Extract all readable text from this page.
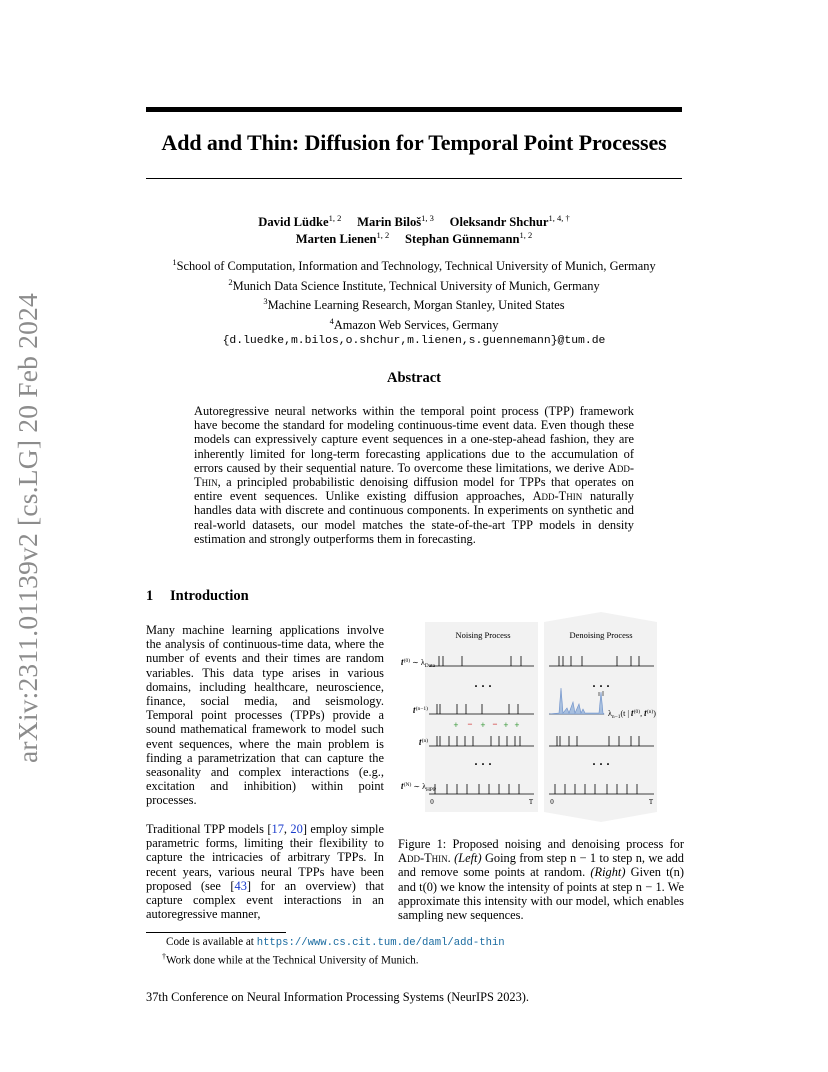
arXiv:2311.01139v2 [cs.LG] 20 Feb 2024
Add and Thin: Diffusion for Temporal Point Processes
David Lüdke$^{1, 2}$ Marin Biloš$^{1, 3}$ Oleksandr Shchur$^{1, 4, \dagger}$
Marten Lienen$^{1, 2}$ Stephan Günnemann$^{1, 2}$
$^1$School of Computation, Information and Technology, Technical University of Munich, Germany
$^2$Munich Data Science Institute, Technical University of Munich, Germany
$^3$Machine Learning Research, Morgan Stanley, United States
$^4$Amazon Web Services, Germany
{d.luedke,m.bilos,o.shchur,m.lienen,s.guennemann}@tum.de
Abstract
Autoregressive neural networks within the temporal point process (TPP) framework have become the standard for modeling continuous-time event data. Even though these models can expressively capture event sequences in a one-step-ahead fashion, they are inherently limited for long-term forecasting applications due to the accumulation of errors caused by their sequential nature. To overcome these limitations, we derive Add-Thin, a principled probabilistic denoising diffusion model for TPPs that operates on entire event sequences. Unlike existing diffusion approaches, Add-Thin naturally handles data with discrete and continuous components. In experiments on synthetic and real-world datasets, our model matches the state-of-the-art TPP models in density estimation and strongly outperforms them in forecasting.
1 Introduction
Many machine learning applications involve the analysis of continuous-time data, where the number of events and their times are random variables. This data type arises in various domains, including healthcare, neuroscience, finance, social media, and seismology. Temporal point processes (TPPs) provide a sound mathematical framework to model such event sequences, where the main problem is finding a parametrization that can capture the seasonality and complex interactions (e.g., excitation and inhibition) within point processes.
Traditional TPP models [17, 20] employ simple parametric forms, limiting their flexibility to capture the intricacies of arbitrary TPPs. In recent years, various neural TPPs have been proposed (see [43] for an overview) that capture complex event interactions in an autoregressive manner,
Noising Process	Denoising Process
𝒕$^{(0)}$ ∼ $\lambda_{Data}$
𝒕$^{(n-1)}$
𝒕$^{(n)}$
𝒕$^{(N)}$ ∼ $\lambda_{HPP}$
+ − + − + +
· · ·
· · ·
· · ·
· · ·
0	T
$\lambda_{n-1}(t$ | 𝒕$^{(0)}$, 𝒕$^{(n)}$)
0	T
Figure 1: Proposed noising and denoising process for Add-Thin. (Left) Going from step n − 1 to step n, we add and remove some points at random. (Right) Given t(n) and t(0) we know the intensity of points at step n − 1. We approximate this intensity with our model, which enables sampling new sequences.
Code is available at https://www.cs.cit.tum.de/daml/add-thin
†Work done while at the Technical University of Munich.
37th Conference on Neural Information Processing Systems (NeurIPS 2023).
